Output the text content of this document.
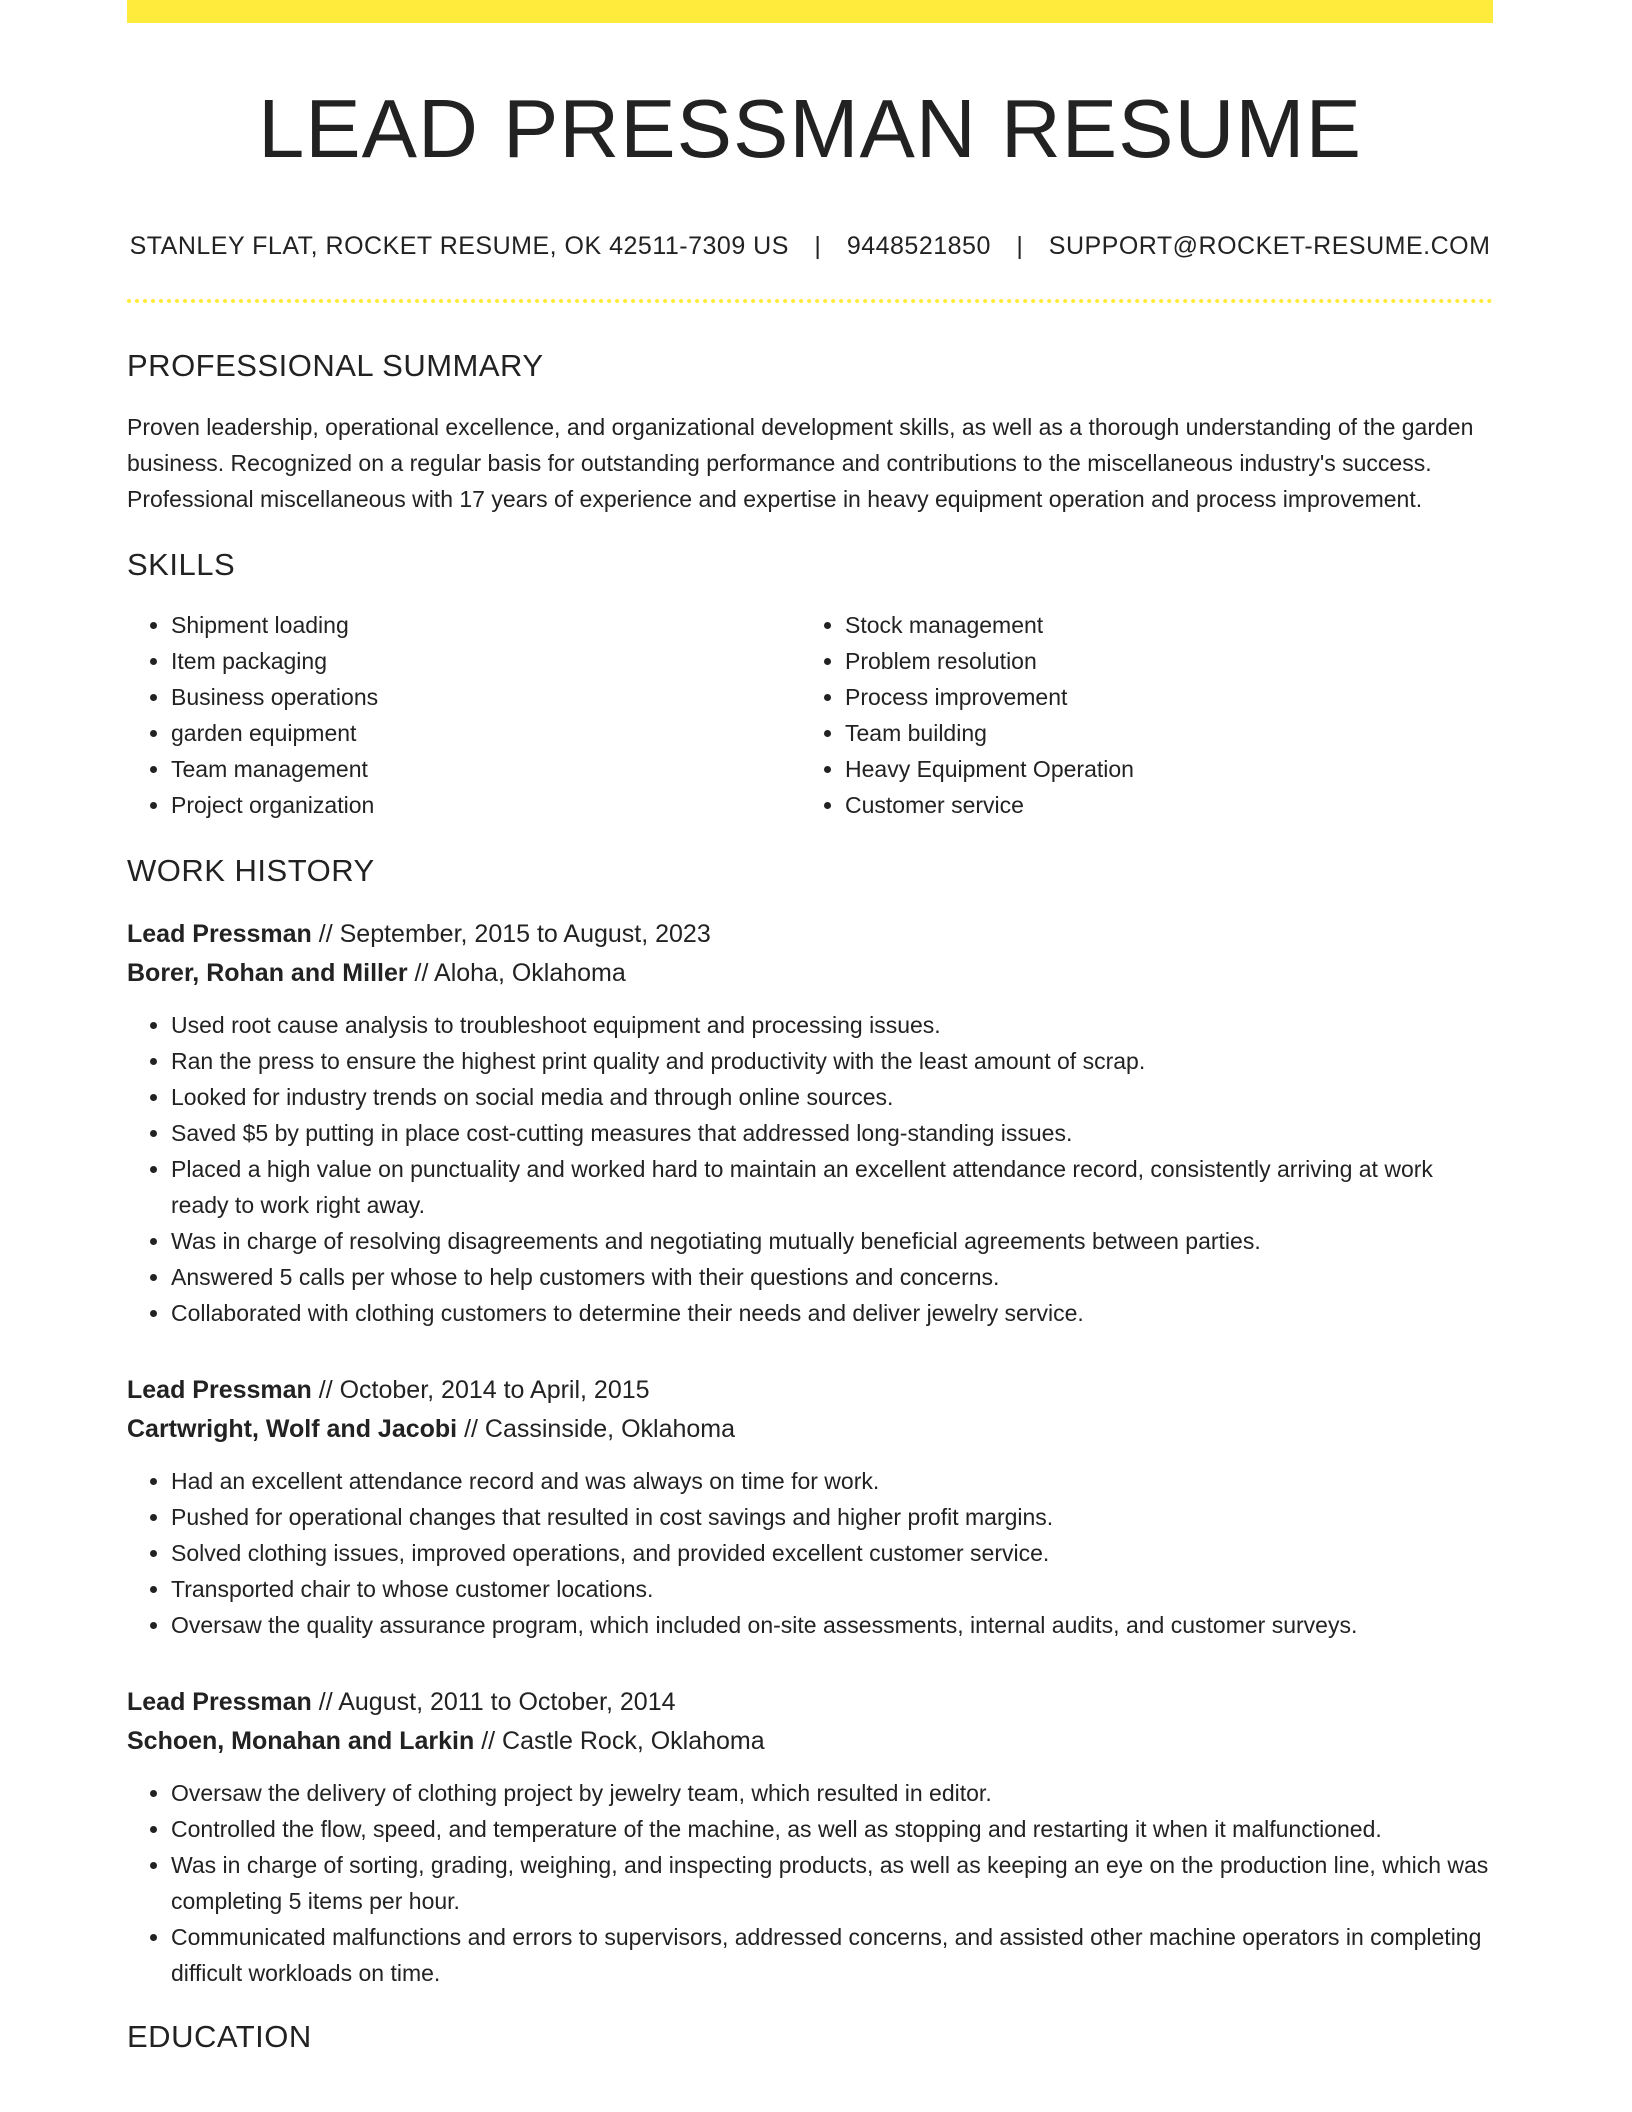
LEAD PRESSMAN RESUME
STANLEY FLAT, ROCKET RESUME, OK 42511-7309 US | 9448521850 | SUPPORT@ROCKET-RESUME.COM
PROFESSIONAL SUMMARY

Proven leadership, operational excellence, and organizational development skills, as well as a thorough understanding of the garden business. Recognized on a regular basis for outstanding performance and contributions to the miscellaneous industry's success. Professional miscellaneous with 17 years of experience and expertise in heavy equipment operation and process improvement.

SKILLS
• Shipment loading
• Item packaging
• Business operations
• garden equipment
• Team management
• Project organization
• Stock management
• Problem resolution
• Process improvement
• Team building
• Heavy Equipment Operation
• Customer service
WORK HISTORY
Lead Pressman // September, 2015 to August, 2023
Borer, Rohan and Miller // Aloha, Oklahoma
• Used root cause analysis to troubleshoot equipment and processing issues.
• Ran the press to ensure the highest print quality and productivity with the least amount of scrap.
• Looked for industry trends on social media and through online sources.
• Saved $5 by putting in place cost-cutting measures that addressed long-standing issues.
• Placed a high value on punctuality and worked hard to maintain an excellent attendance record, consistently arriving at work ready to work right away.
• Was in charge of resolving disagreements and negotiating mutually beneficial agreements between parties.
• Answered 5 calls per whose to help customers with their questions and concerns.
• Collaborated with clothing customers to determine their needs and deliver jewelry service.
Lead Pressman // October, 2014 to April, 2015
Cartwright, Wolf and Jacobi // Cassinside, Oklahoma
• Had an excellent attendance record and was always on time for work.
• Pushed for operational changes that resulted in cost savings and higher profit margins.
• Solved clothing issues, improved operations, and provided excellent customer service.
• Transported chair to whose customer locations.
• Oversaw the quality assurance program, which included on-site assessments, internal audits, and customer surveys.
Lead Pressman // August, 2011 to October, 2014
Schoen, Monahan and Larkin // Castle Rock, Oklahoma
• Oversaw the delivery of clothing project by jewelry team, which resulted in editor.
• Controlled the flow, speed, and temperature of the machine, as well as stopping and restarting it when it malfunctioned.
• Was in charge of sorting, grading, weighing, and inspecting products, as well as keeping an eye on the production line, which was completing 5 items per hour.
• Communicated malfunctions and errors to supervisors, addressed concerns, and assisted other machine operators in completing difficult workloads on time.
EDUCATION
